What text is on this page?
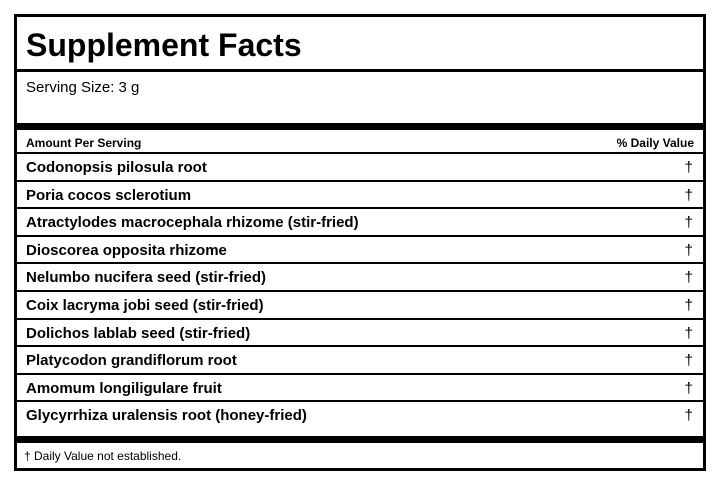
Supplement Facts
Serving Size: 3 g
Amount Per Serving	% Daily Value
Codonopsis pilosula root	†
Poria cocos sclerotium	†
Atractylodes macrocephala rhizome (stir-fried)	†
Dioscorea opposita rhizome	†
Nelumbo nucifera seed (stir-fried)	†
Coix lacryma jobi seed (stir-fried)	†
Dolichos lablab seed (stir-fried)	†
Platycodon grandiflorum root	†
Amomum longiligulare fruit	†
Glycyrrhiza uralensis root (honey-fried)	†
† Daily Value not established.
